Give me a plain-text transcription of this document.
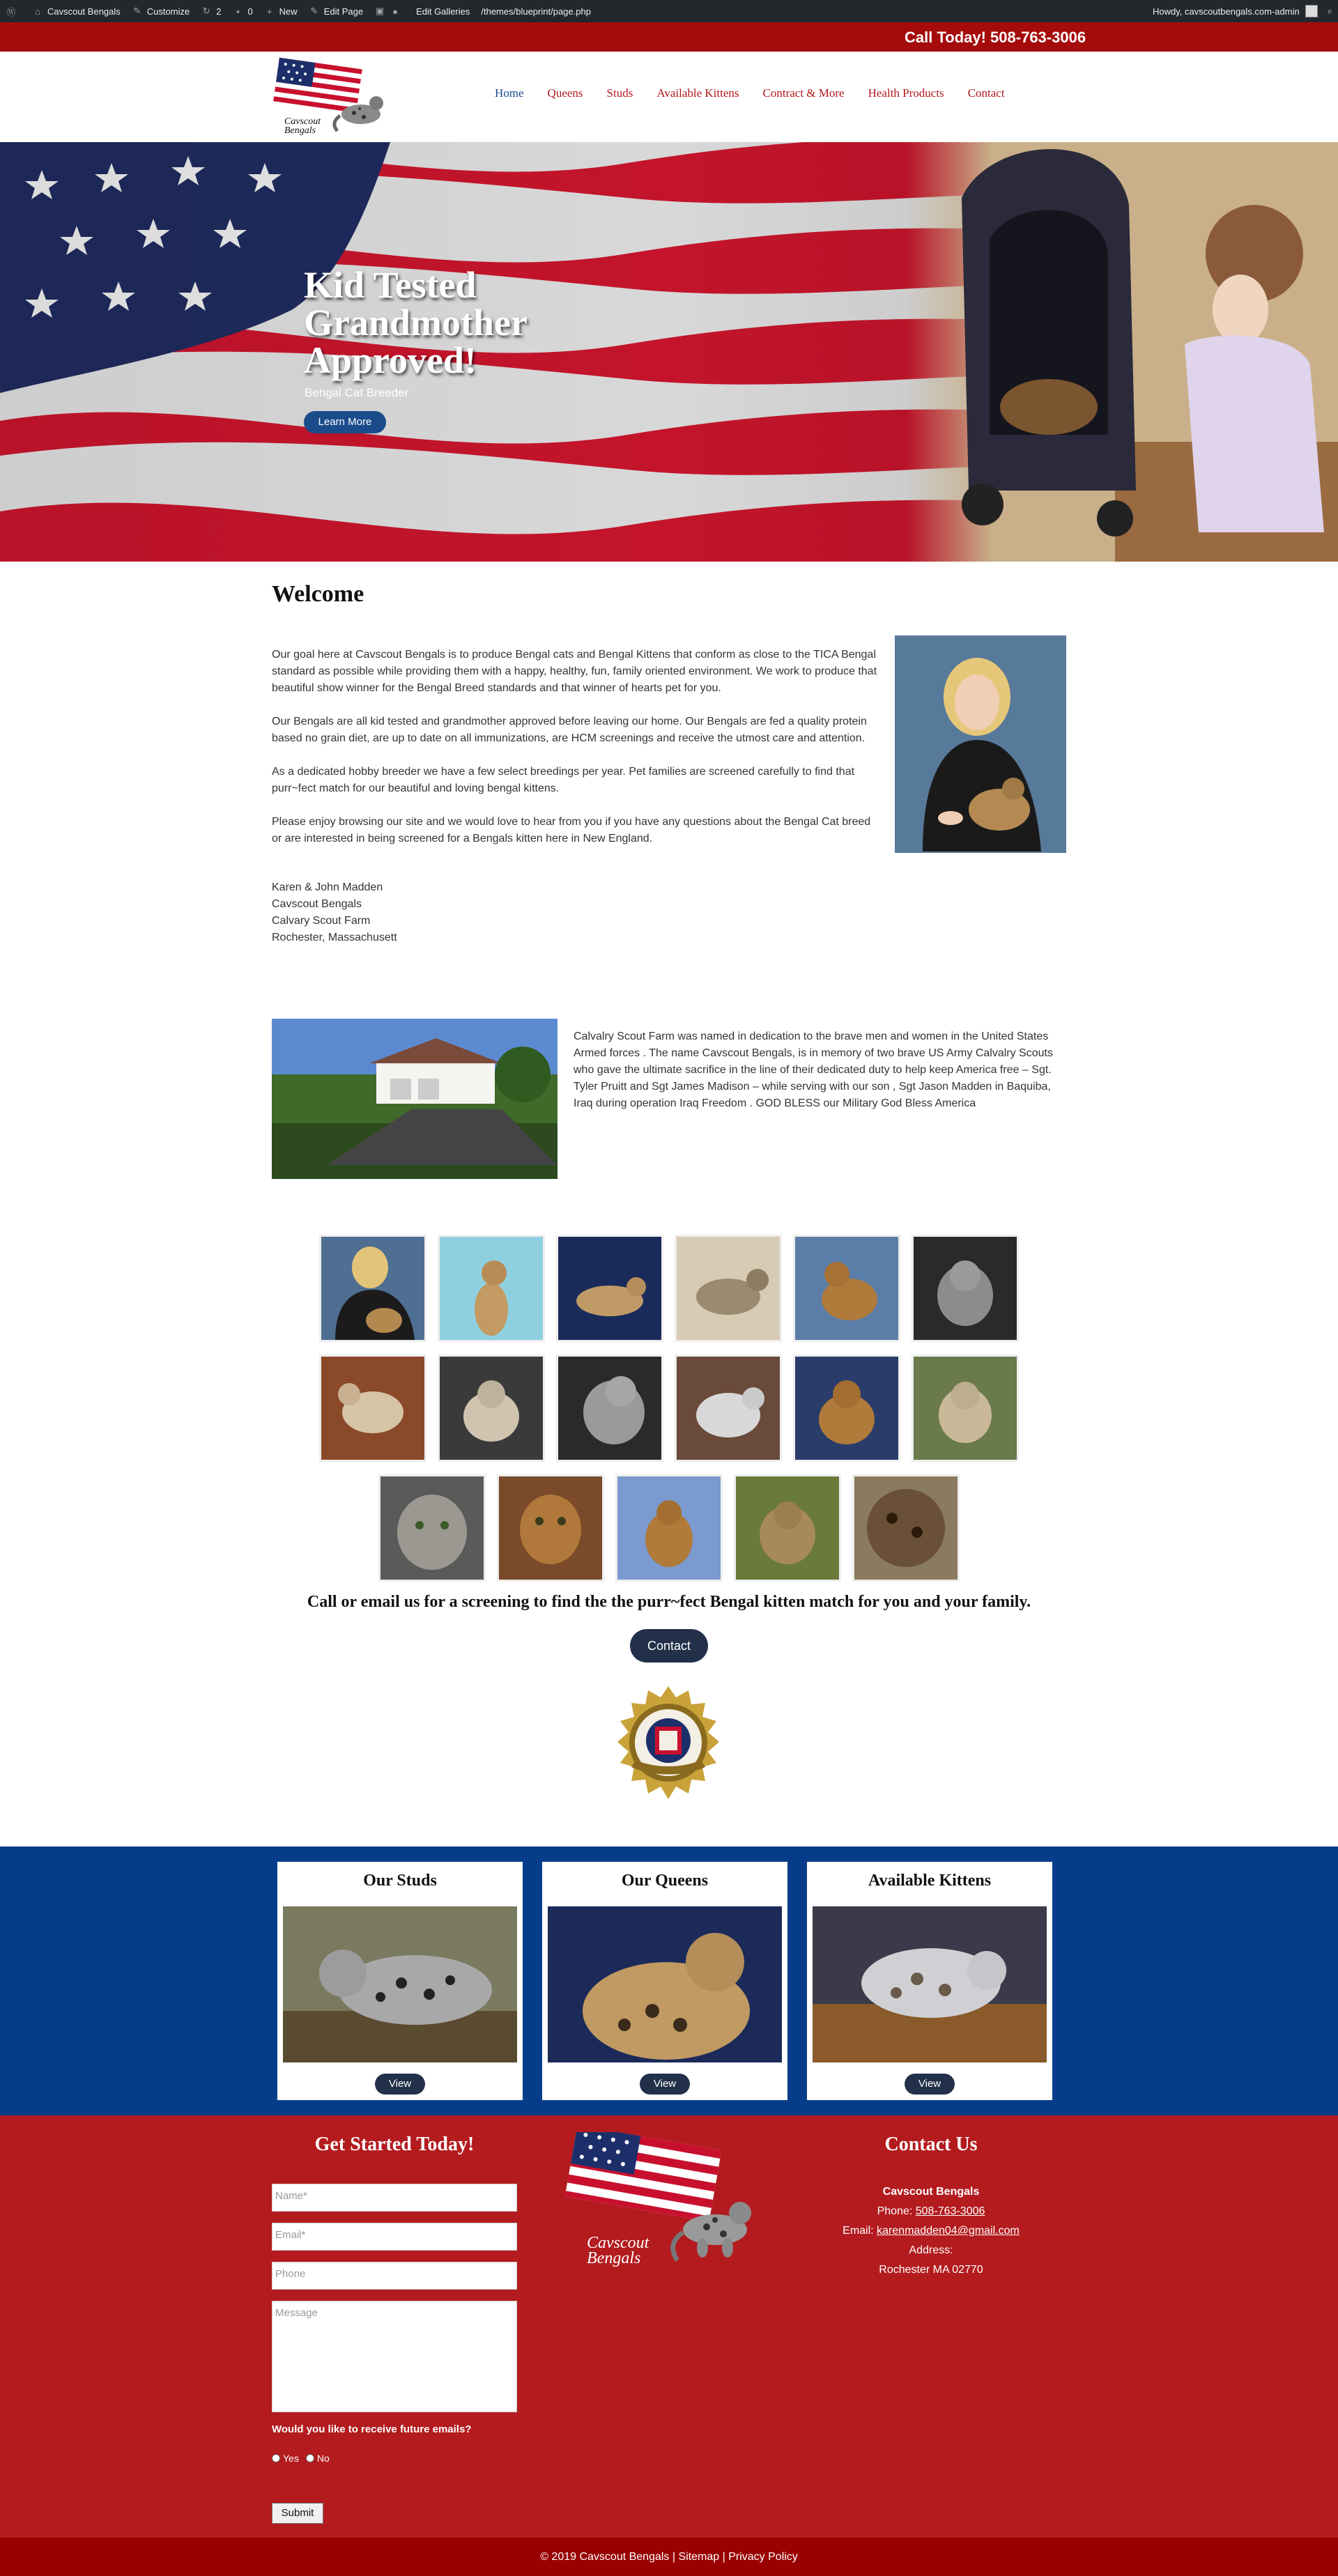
Ⓦ	⌂ Cavscout Bengals ✎ Customize ↻ 2	▪ 0	+ New ✎ Edit Page ▣ ●	Edit Galleries /themes/blueprint/page.php	Howdy, cavscoutbengals.com-admin	⌕
Call Today! 508-763-3006
Cavscout
Bengals
Home Queens Studs Available Kittens Contract & More Health Products Contact
Kid Tested Grandmother Approved!
Bengal Cat Breeder
Learn More
Welcome

Our goal here at Cavscout Bengals is to produce Bengal cats and Bengal Kittens that conform as close to the TICA Bengal standard as possible while providing them with a happy, healthy, fun, family oriented environment. We work to produce that beautiful show winner for the Bengal Breed standards and that winner of hearts pet for you.

Our Bengals are all kid tested and grandmother approved before leaving our home. Our Bengals are fed a quality protein based no grain diet, are up to date on all immunizations, are HCM screenings and receive the utmost care and attention.

As a dedicated hobby breeder we have a few select breedings per year. Pet families are screened carefully to find that purr~fect match for our beautiful and loving bengal kittens.

Please enjoy browsing our site and we would love to hear from you if you have any questions about the Bengal Cat breed or are interested in being screened for a Bengals kitten here in New England.

Karen & John Madden
Cavscout Bengals
Calvary Scout Farm
Rochester, Massachusett
Calvalry Scout Farm was named in dedication to the brave men and women in the United States Armed forces . The name Cavscout Bengals, is in memory of two brave US Army Calvalry Scouts who gave the ultimate sacrifice in the line of their dedicated duty to help keep America free – Sgt. Tyler Pruitt and Sgt James Madison – while serving with our son , Sgt Jason Madden in Baquiba, Iraq during operation Iraq Freedom . GOD BLESS our Military God Bless America
Call or email us for a screening to find the the purr~fect Bengal kitten match for you and your family.
Contact
Our Studs
View
Our Queens
View
Available Kittens
View
Get Started Today!
Name*
Email*
Phone
Message
Would you like to receive future emails?
Yes No
Submit
Cavscout
Bengals
Contact Us
Cavscout Bengals
Phone: 508-763-3006
Email: karenmadden04@gmail.com
Address:
Rochester MA 02770
© 2019 Cavscout Bengals | Sitemap | Privacy Policy
